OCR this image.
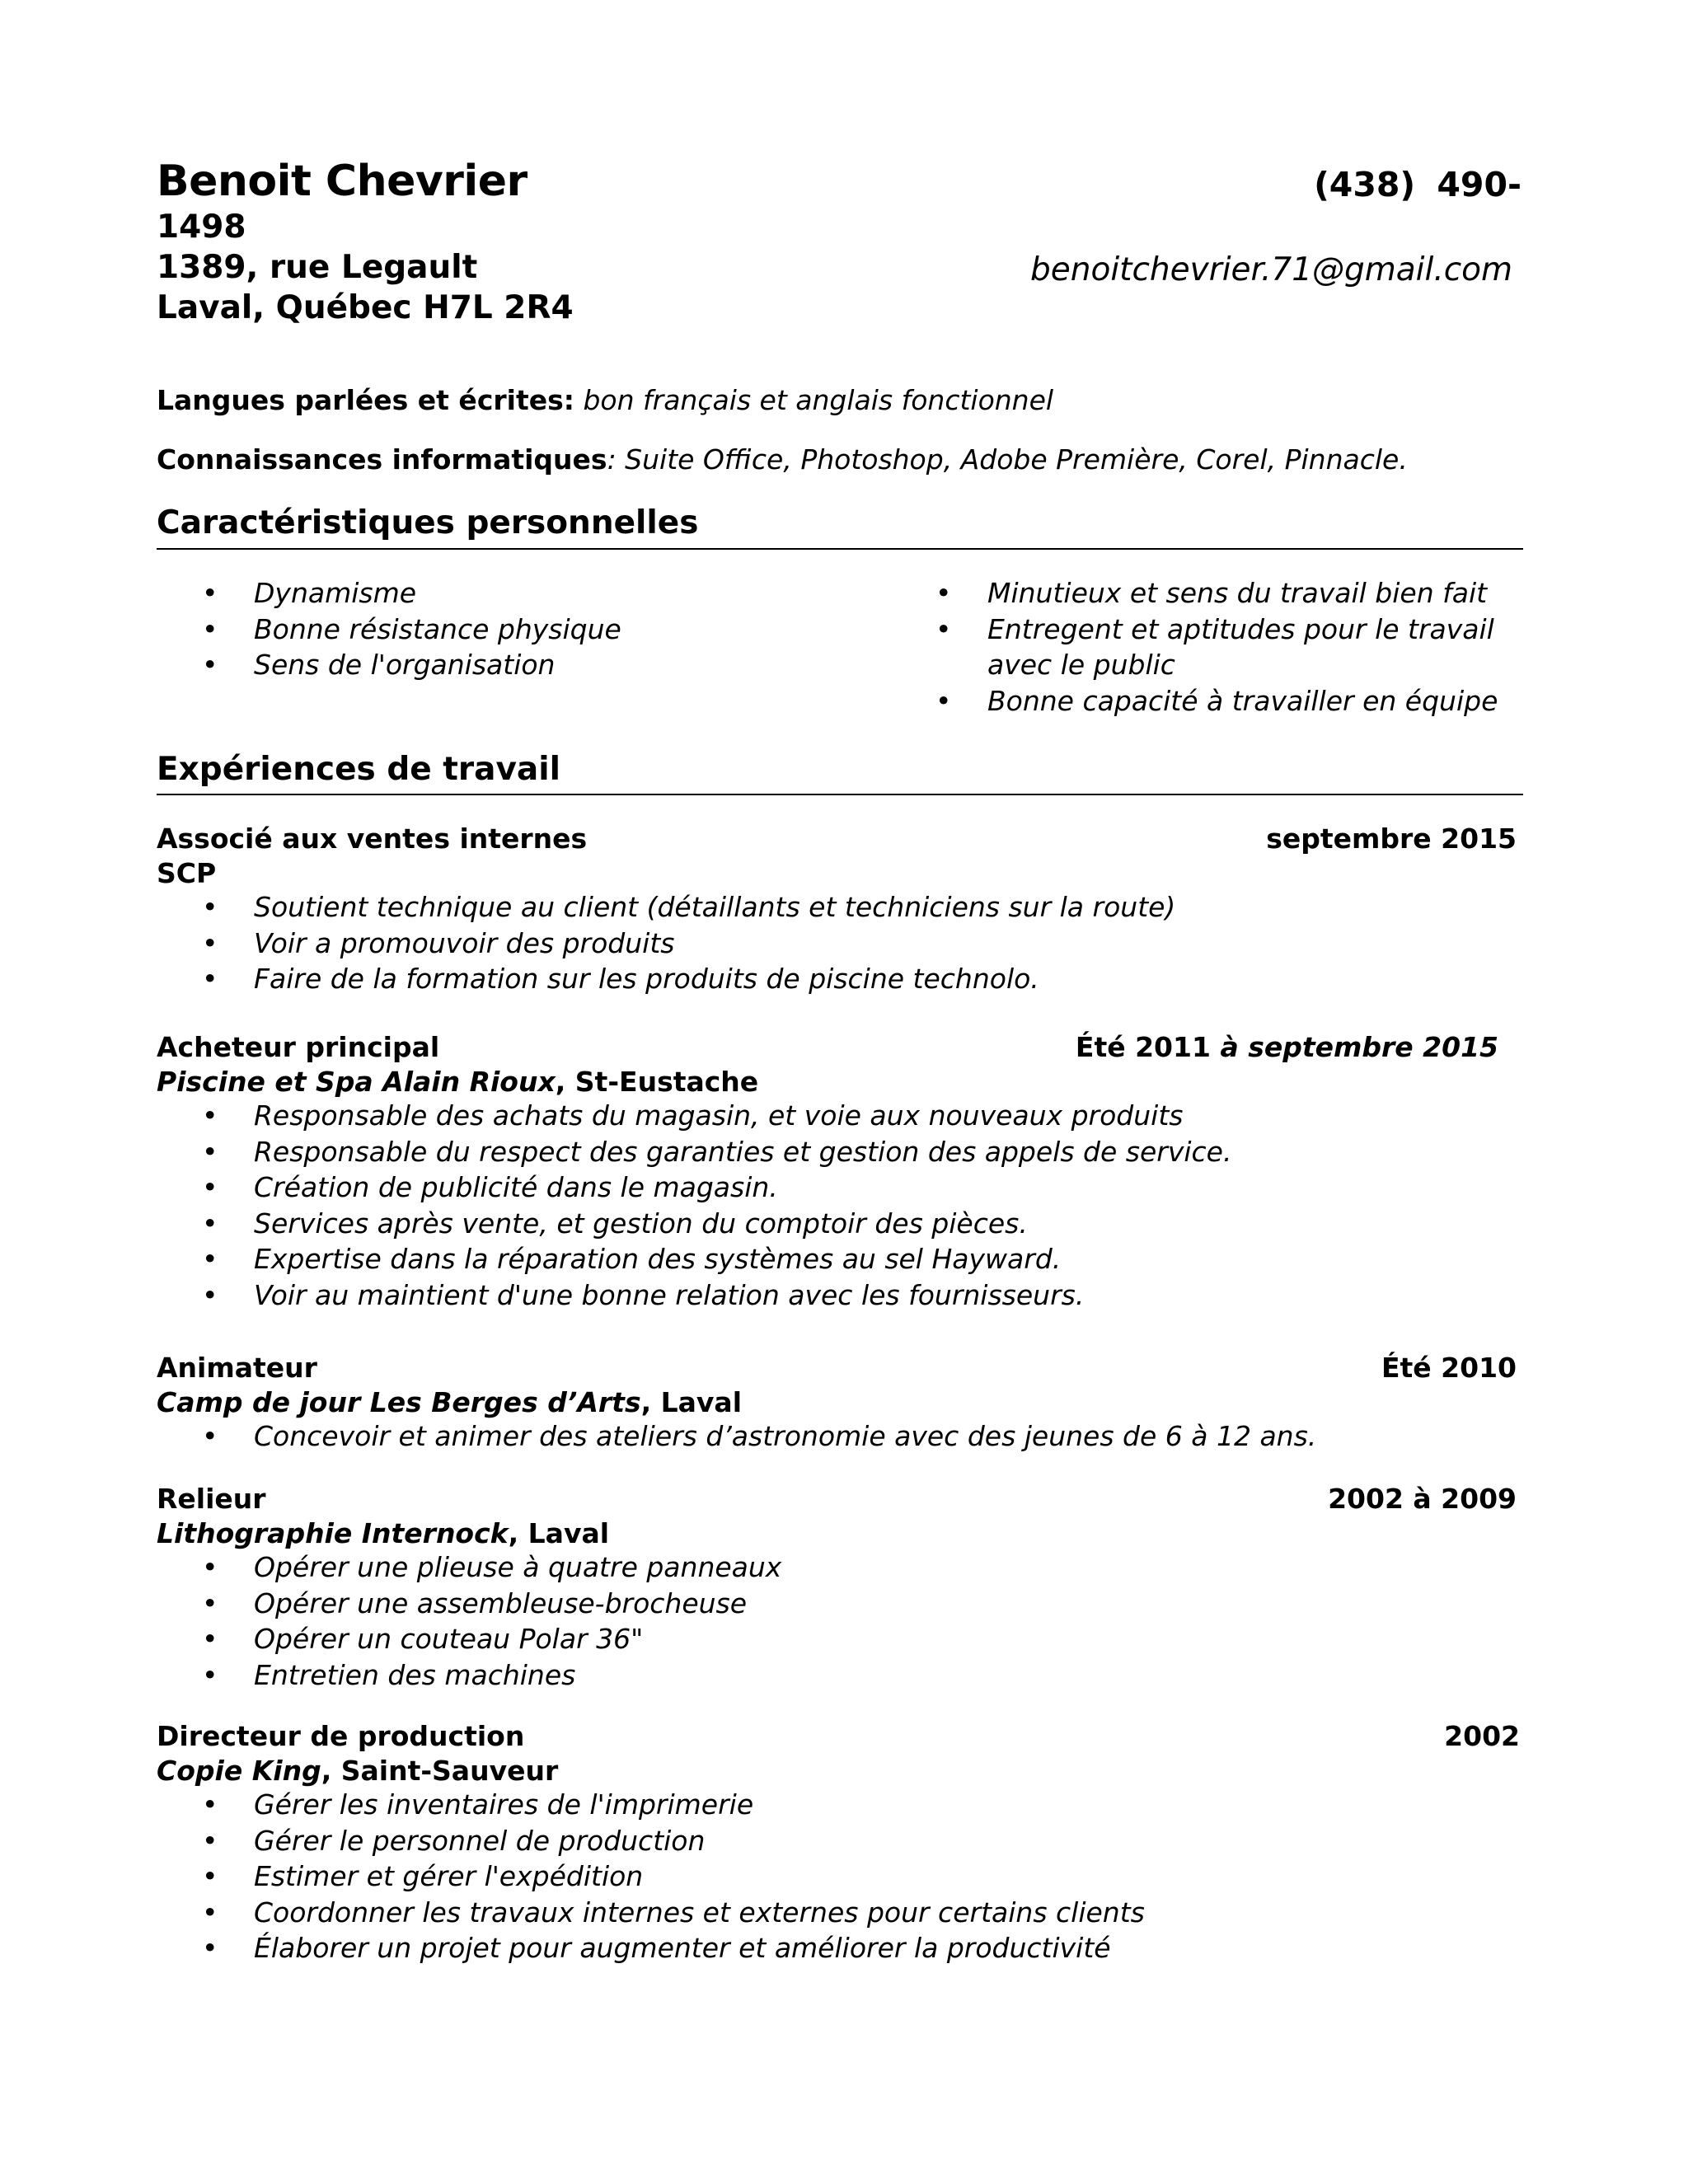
Benoit Chevrier	(438) 490-
1498
1389, rue Legault	benoitchevrier.71@gmail.com
Laval, Québec H7L 2R4
Langues parlées et écrites: bon français et anglais fonctionnel
Connaissances informatiques: Suite Office, Photoshop, Adobe Première, Corel, Pinnacle.
Caractéristiques personnelles
• Dynamisme
• Bonne résistance physique
• Sens de l'organisation
• Minutieux et sens du travail bien fait
• Entregent et aptitudes pour le travail avec le public
• Bonne capacité à travailler en équipe
Expériences de travail
Associé aux ventes internes	septembre 2015
SCP
• Soutient technique au client (détaillants et techniciens sur la route)
• Voir a promouvoir des produits
• Faire de la formation sur les produits de piscine technolo.
Acheteur principal	Été 2011 à septembre 2015
Piscine et Spa Alain Rioux, St-Eustache
• Responsable des achats du magasin, et voie aux nouveaux produits
• Responsable du respect des garanties et gestion des appels de service.
• Création de publicité dans le magasin.
• Services après vente, et gestion du comptoir des pièces.
• Expertise dans la réparation des systèmes au sel Hayward.
• Voir au maintient d'une bonne relation avec les fournisseurs.
Animateur	Été 2010
Camp de jour Les Berges d’Arts, Laval
• Concevoir et animer des ateliers d’astronomie avec des jeunes de 6 à 12 ans.
Relieur	2002 à 2009
Lithographie Internock, Laval
• Opérer une plieuse à quatre panneaux
• Opérer une assembleuse-brocheuse
• Opérer un couteau Polar 36"
• Entretien des machines
Directeur de production	2002
Copie King, Saint-Sauveur
• Gérer les inventaires de l'imprimerie
• Gérer le personnel de production
• Estimer et gérer l'expédition
• Coordonner les travaux internes et externes pour certains clients
• Élaborer un projet pour augmenter et améliorer la productivité
